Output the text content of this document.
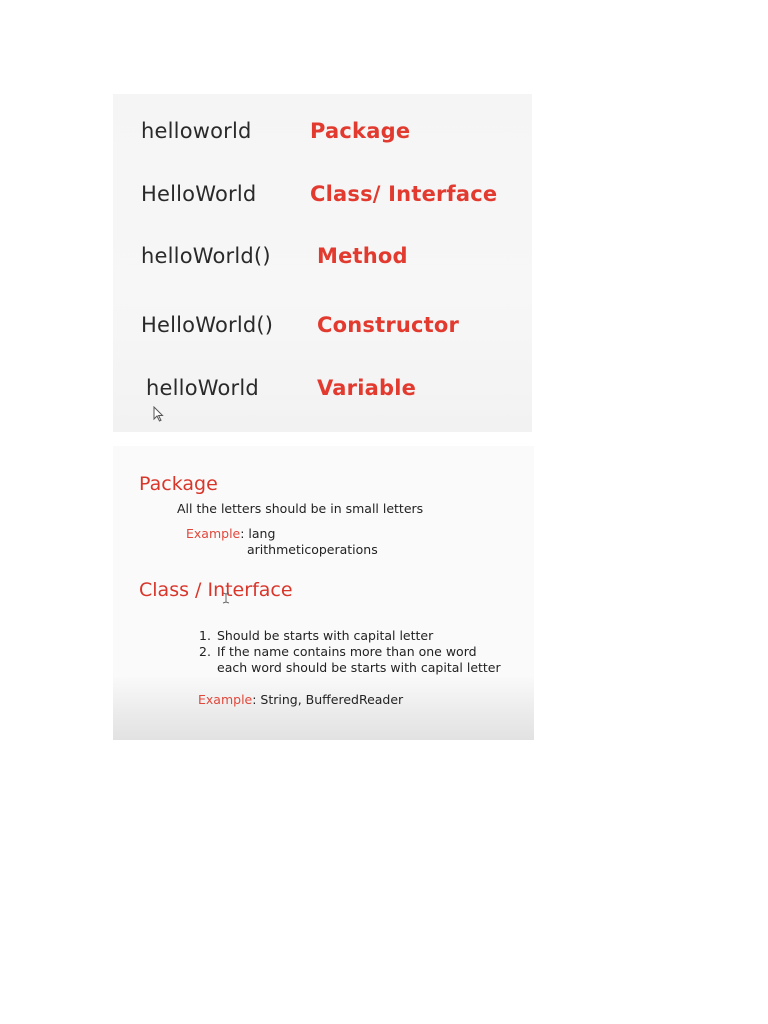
helloworld	Package
HelloWorld	Class/ Interface
helloWorld() Method
HelloWorld() Constructor
helloWorld	Variable
Package
All the letters should be in small letters
Example: lang
arithmeticoperations
Class / Interface
1. Should be starts with capital letter
2. If the name contains more than one word each word should be starts with capital letter
Example: String, BufferedReader
